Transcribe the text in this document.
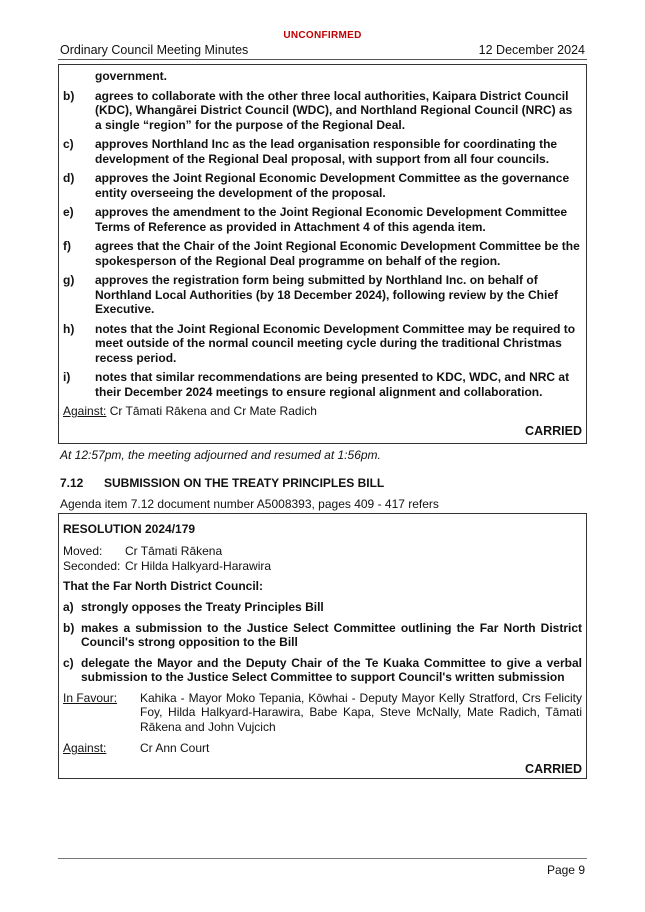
UNCONFIRMED
Ordinary Council Meeting Minutes	12 December 2024
government.
b)	agrees to collaborate with the other three local authorities, Kaipara District Council (KDC), Whangārei District Council (WDC), and Northland Regional Council (NRC) as a single “region” for the purpose of the Regional Deal.
c)	approves Northland Inc as the lead organisation responsible for coordinating the development of the Regional Deal proposal, with support from all four councils.
d)	approves the Joint Regional Economic Development Committee as the governance entity overseeing the development of the proposal.
e)	approves the amendment to the Joint Regional Economic Development Committee Terms of Reference as provided in Attachment 4 of this agenda item.
f)	agrees that the Chair of the Joint Regional Economic Development Committee be the spokesperson of the Regional Deal programme on behalf of the region.
g)	approves the registration form being submitted by Northland Inc. on behalf of Northland Local Authorities (by 18 December 2024), following review by the Chief Executive.
h)	notes that the Joint Regional Economic Development Committee may be required to meet outside of the normal council meeting cycle during the traditional Christmas recess period.
i)	notes that similar recommendations are being presented to KDC, WDC, and NRC at their December 2024 meetings to ensure regional alignment and collaboration.
Against: Cr Tāmati Rākena and Cr Mate Radich
CARRIED
At 12:57pm, the meeting adjourned and resumed at 1:56pm.
7.12 SUBMISSION ON THE TREATY PRINCIPLES BILL
Agenda item 7.12 document number A5008393, pages 409 - 417 refers
RESOLUTION 2024/179
Moved:	Cr Tāmati Rākena
Seconded: Cr Hilda Halkyard-Harawira
That the Far North District Council:
a) strongly opposes the Treaty Principles Bill
b) makes a submission to the Justice Select Committee outlining the Far North District Council's strong opposition to the Bill
c) delegate the Mayor and the Deputy Chair of the Te Kuaka Committee to give a verbal submission to the Justice Select Committee to support Council's written submission
In Favour:	Kahika - Mayor Moko Tepania, Kōwhai - Deputy Mayor Kelly Stratford, Crs Felicity Foy, Hilda Halkyard-Harawira, Babe Kapa, Steve McNally, Mate Radich, Tāmati Rākena and John Vujcich
Against:	Cr Ann Court
CARRIED
Page 9
